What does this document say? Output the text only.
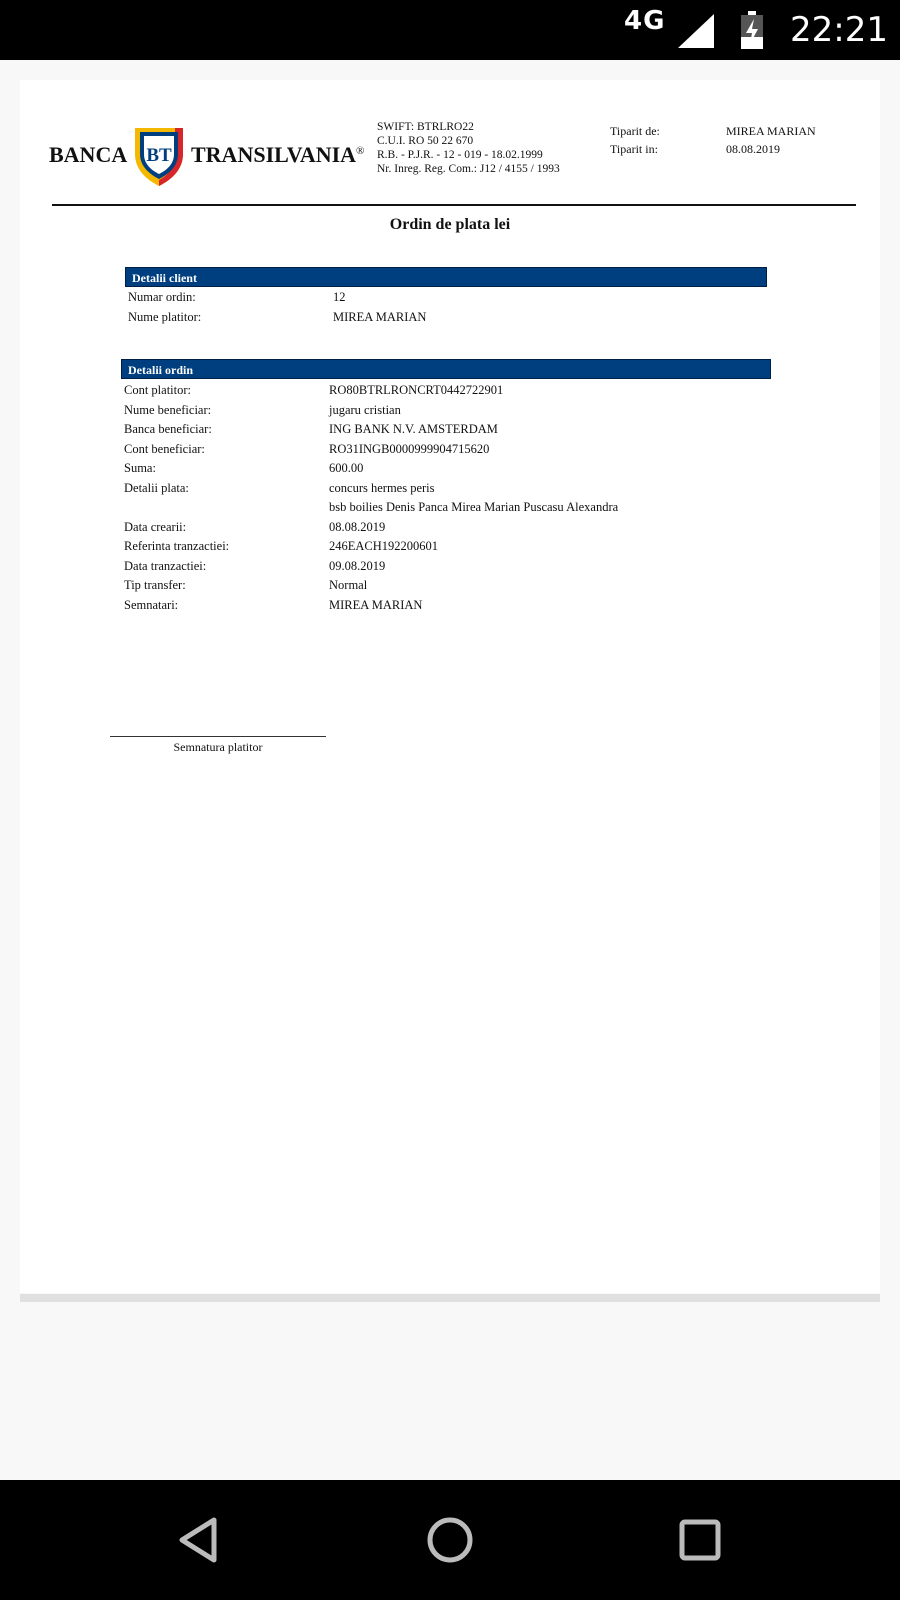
4G	22:21
BANCA BT TRANSILVANIA ®
SWIFT: BTRLRO22
C.U.I. RO 50 22 670
R.B. - P.J.R. - 12 - 019 - 18.02.1999
Nr. Inreg. Reg. Com.: J12 / 4155 / 1993
Tiparit de:	MIREA MARIAN
Tiparit in:	08.08.2019
Ordin de plata lei
Detalii client
Numar ordin:	12
Nume platitor:	MIREA MARIAN
Detalii ordin
Cont platitor:	RO80BTRLRONCRT0442722901
Nume beneficiar:	jugaru cristian
Banca beneficiar:	ING BANK N.V. AMSTERDAM
Cont beneficiar:	RO31INGB0000999904715620
Suma:	600.00
Detalii plata:	concurs hermes peris
bsb boilies Denis Panca Mirea Marian Puscasu Alexandra
Data crearii:	08.08.2019
Referinta tranzactiei:	246EACH192200601
Data tranzactiei:	09.08.2019
Tip transfer:	Normal
Semnatari:	MIREA MARIAN
Semnatura platitor
